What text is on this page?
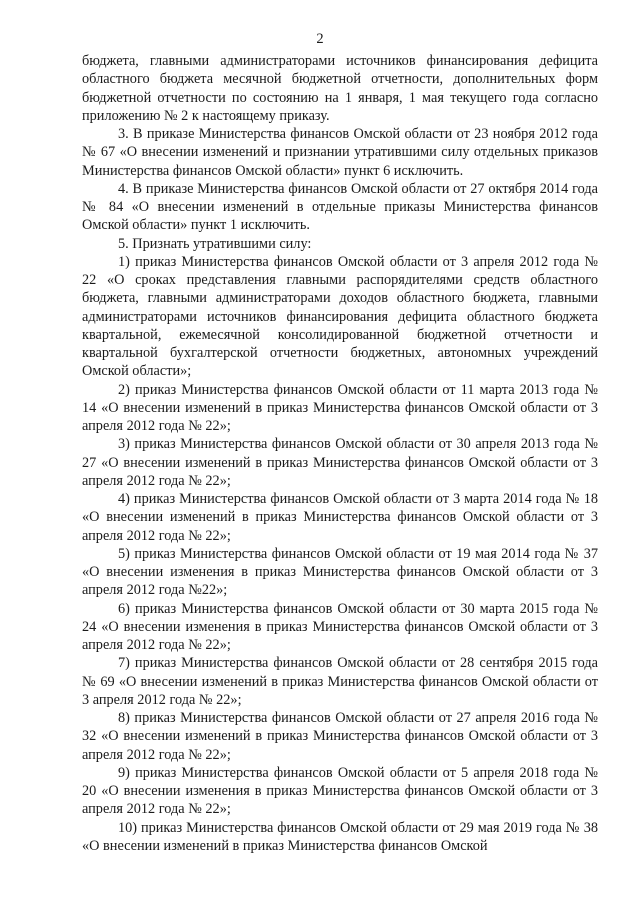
2

бюджета, главными администраторами источников финансирования дефицита областного бюджета месячной бюджетной отчетности, дополнительных форм бюджетной отчетности по состоянию на 1 января, 1 мая текущего года согласно приложению № 2 к настоящему приказу.

3. В приказе Министерства финансов Омской области от 23 ноября 2012 года № 67 «О внесении изменений и признании утратившими силу отдельных приказов Министерства финансов Омской области» пункт 6 исключить.

4. В приказе Министерства финансов Омской области от 27 октября 2014 года № 84 «О внесении изменений в отдельные приказы Министерства финансов Омской области» пункт 1 исключить.

5. Признать утратившими силу:

1) приказ Министерства финансов Омской области от 3 апреля 2012 года № 22 «О сроках представления главными распорядителями средств областного бюджета, главными администраторами доходов областного бюджета, главными администраторами источников финансирования дефицита областного бюджета квартальной, ежемесячной консолидированной бюджетной отчетности и квартальной бухгалтерской отчетности бюджетных, автономных учреждений Омской области»;

2) приказ Министерства финансов Омской области от 11 марта 2013 года № 14 «О внесении изменений в приказ Министерства финансов Омской области от 3 апреля 2012 года № 22»;

3) приказ Министерства финансов Омской области от 30 апреля 2013 года № 27 «О внесении изменений в приказ Министерства финансов Омской области от 3 апреля 2012 года № 22»;

4) приказ Министерства финансов Омской области от 3 марта 2014 года № 18 «О внесении изменений в приказ Министерства финансов Омской области от 3 апреля 2012 года № 22»;

5) приказ Министерства финансов Омской области от 19 мая 2014 года № 37 «О внесении изменения в приказ Министерства финансов Омской области от 3 апреля 2012 года №22»;

6) приказ Министерства финансов Омской области от 30 марта 2015 года № 24 «О внесении изменения в приказ Министерства финансов Омской области от 3 апреля 2012 года № 22»;

7) приказ Министерства финансов Омской области от 28 сентября 2015 года № 69 «О внесении изменений в приказ Министерства финансов Омской области от 3 апреля 2012 года № 22»;

8) приказ Министерства финансов Омской области от 27 апреля 2016 года № 32 «О внесении изменений в приказ Министерства финансов Омской области от 3 апреля 2012 года № 22»;

9) приказ Министерства финансов Омской области от 5 апреля 2018 года № 20 «О внесении изменения в приказ Министерства финансов Омской области от 3 апреля 2012 года № 22»;

10) приказ Министерства финансов Омской области от 29 мая 2019 года № 38 «О внесении изменений в приказ Министерства финансов Омской
